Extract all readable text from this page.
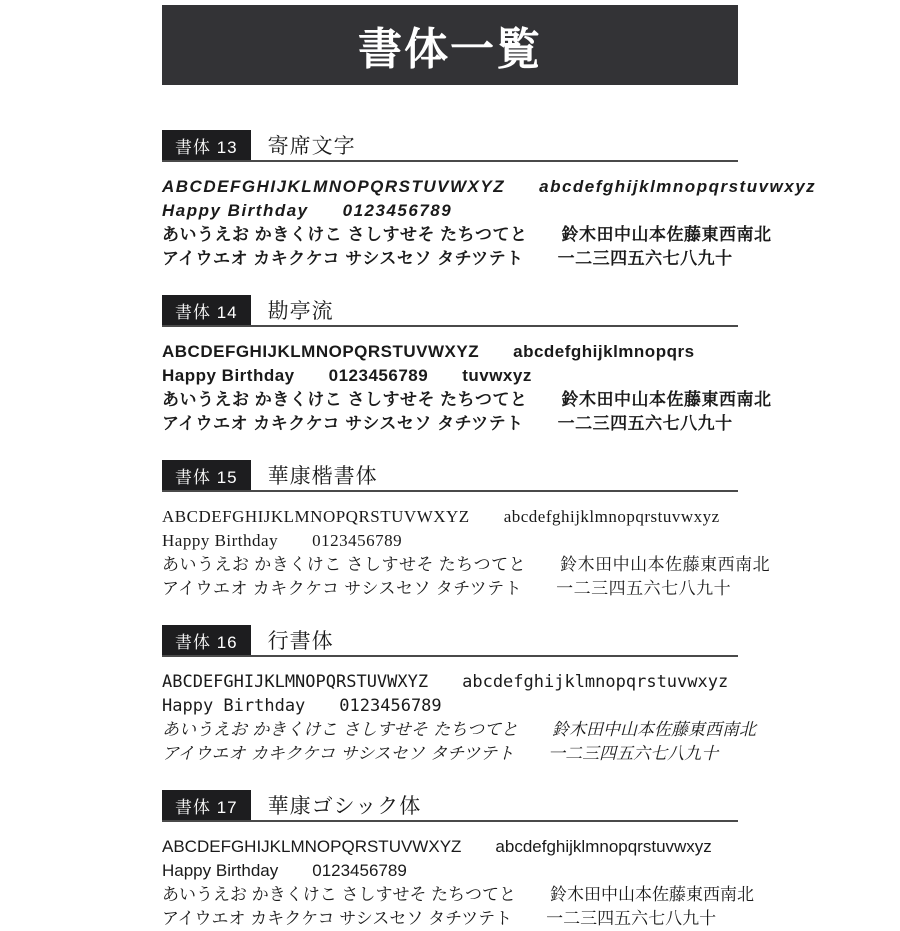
書体一覧
書体 13	寄席文字
ABCDEFGHIJKLMNOPQRSTUVWXYZ abcdefghijklmnopqrstuvwxyz
Happy Birthday 0123456789
あいうえお かきくけこ さしすせそ たちつてと 鈴木田中山本佐藤東西南北
アイウエオ カキクケコ サシスセソ タチツテト 一二三四五六七八九十
書体 14	勘亭流
ABCDEFGHIJKLMNOPQRSTUVWXYZ abcdefghijklmnopqrs
Happy Birthday 0123456789 tuvwxyz
あいうえお かきくけこ さしすせそ たちつてと 鈴木田中山本佐藤東西南北
アイウエオ カキクケコ サシスセソ タチツテト 一二三四五六七八九十
書体 15	華康楷書体
ABCDEFGHIJKLMNOPQRSTUVWXYZ abcdefghijklmnopqrstuvwxyz
Happy Birthday 0123456789
あいうえお かきくけこ さしすせそ たちつてと 鈴木田中山本佐藤東西南北
アイウエオ カキクケコ サシスセソ タチツテト 一二三四五六七八九十
書体 16	行書体
ABCDEFGHIJKLMNOPQRSTUVWXYZ abcdefghijklmnopqrstuvwxyz
Happy Birthday 0123456789
あいうえお かきくけこ さしすせそ たちつてと 鈴木田中山本佐藤東西南北
アイウエオ カキクケコ サシスセソ タチツテト 一二三四五六七八九十
書体 17	華康ゴシック体
ABCDEFGHIJKLMNOPQRSTUVWXYZ abcdefghijklmnopqrstuvwxyz
Happy Birthday 0123456789
あいうえお かきくけこ さしすせそ たちつてと 鈴木田中山本佐藤東西南北
アイウエオ カキクケコ サシスセソ タチツテト 一二三四五六七八九十
